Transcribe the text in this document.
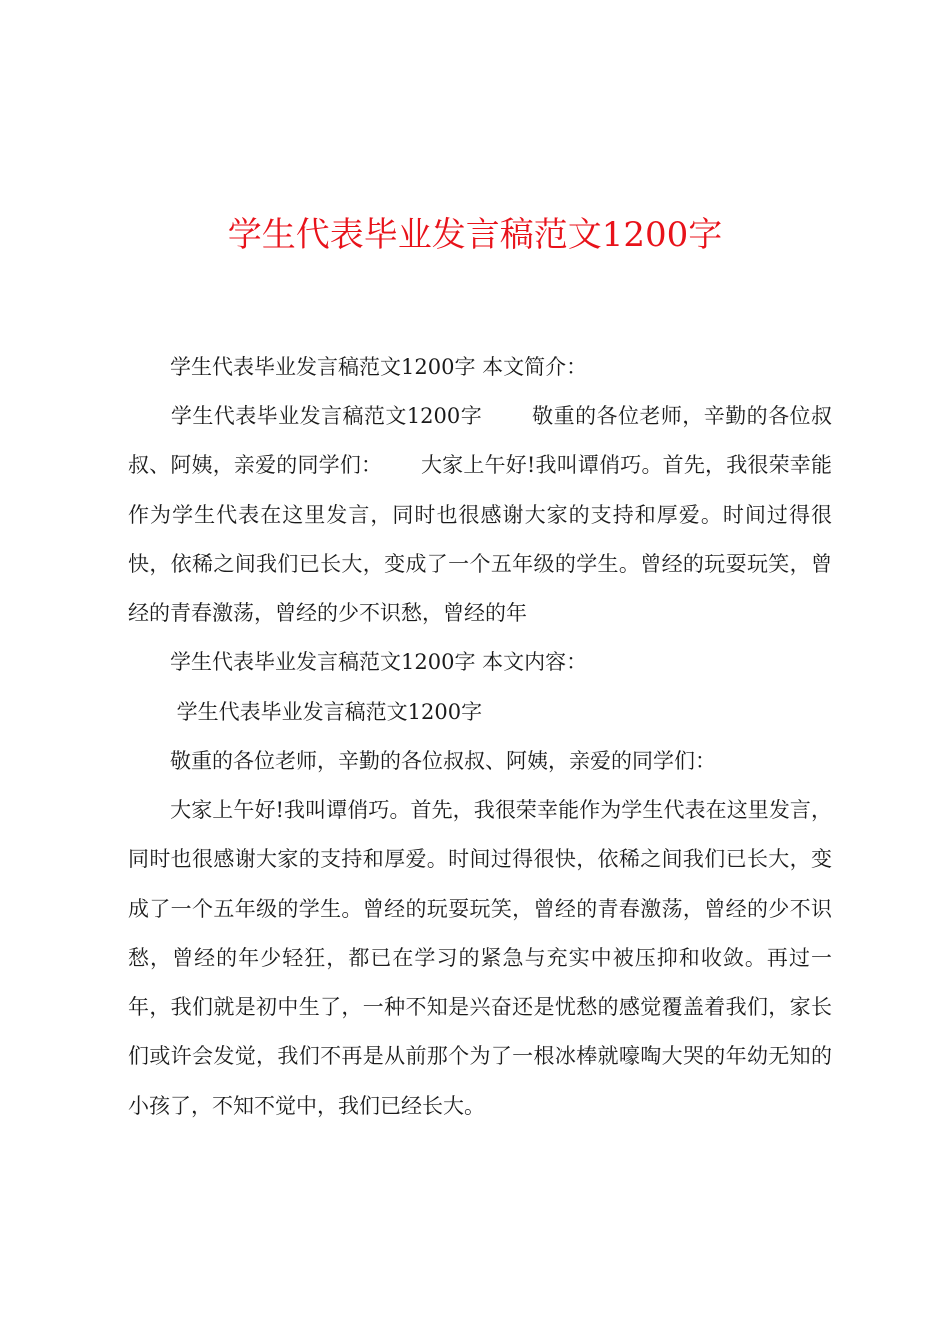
学生代表毕业发言稿范文1200字

　　学生代表毕业发言稿范文1200字 本文简介：

　　学生代表毕业发言稿范文1200字　　 敬重的各位老师，辛勤的各位叔叔、阿姨，亲爱的同学们：　　 大家上午好!我叫谭俏巧。首先，我很荣幸能作为学生代表在这里发言，同时也很感谢大家的支持和厚爱。时间过得很快，依稀之间我们已长大，变成了一个五年级的学生。曾经的玩耍玩笑，曾经的青春激荡，曾经的少不识愁，曾经的年

　　学生代表毕业发言稿范文1200字 本文内容：

　　 学生代表毕业发言稿范文1200字

　　敬重的各位老师，辛勤的各位叔叔、阿姨，亲爱的同学们：

　　大家上午好!我叫谭俏巧。首先，我很荣幸能作为学生代表在这里发言，同时也很感谢大家的支持和厚爱。时间过得很快，依稀之间我们已长大，变成了一个五年级的学生。曾经的玩耍玩笑，曾经的青春激荡，曾经的少不识愁，曾经的年少轻狂，都已在学习的紧急与充实中被压抑和收敛。再过一年，我们就是初中生了，一种不知是兴奋还是忧愁的感觉覆盖着我们，家长们或许会发觉，我们不再是从前那个为了一根冰棒就嚎啕大哭的年幼无知的小孩了，不知不觉中，我们已经长大。
